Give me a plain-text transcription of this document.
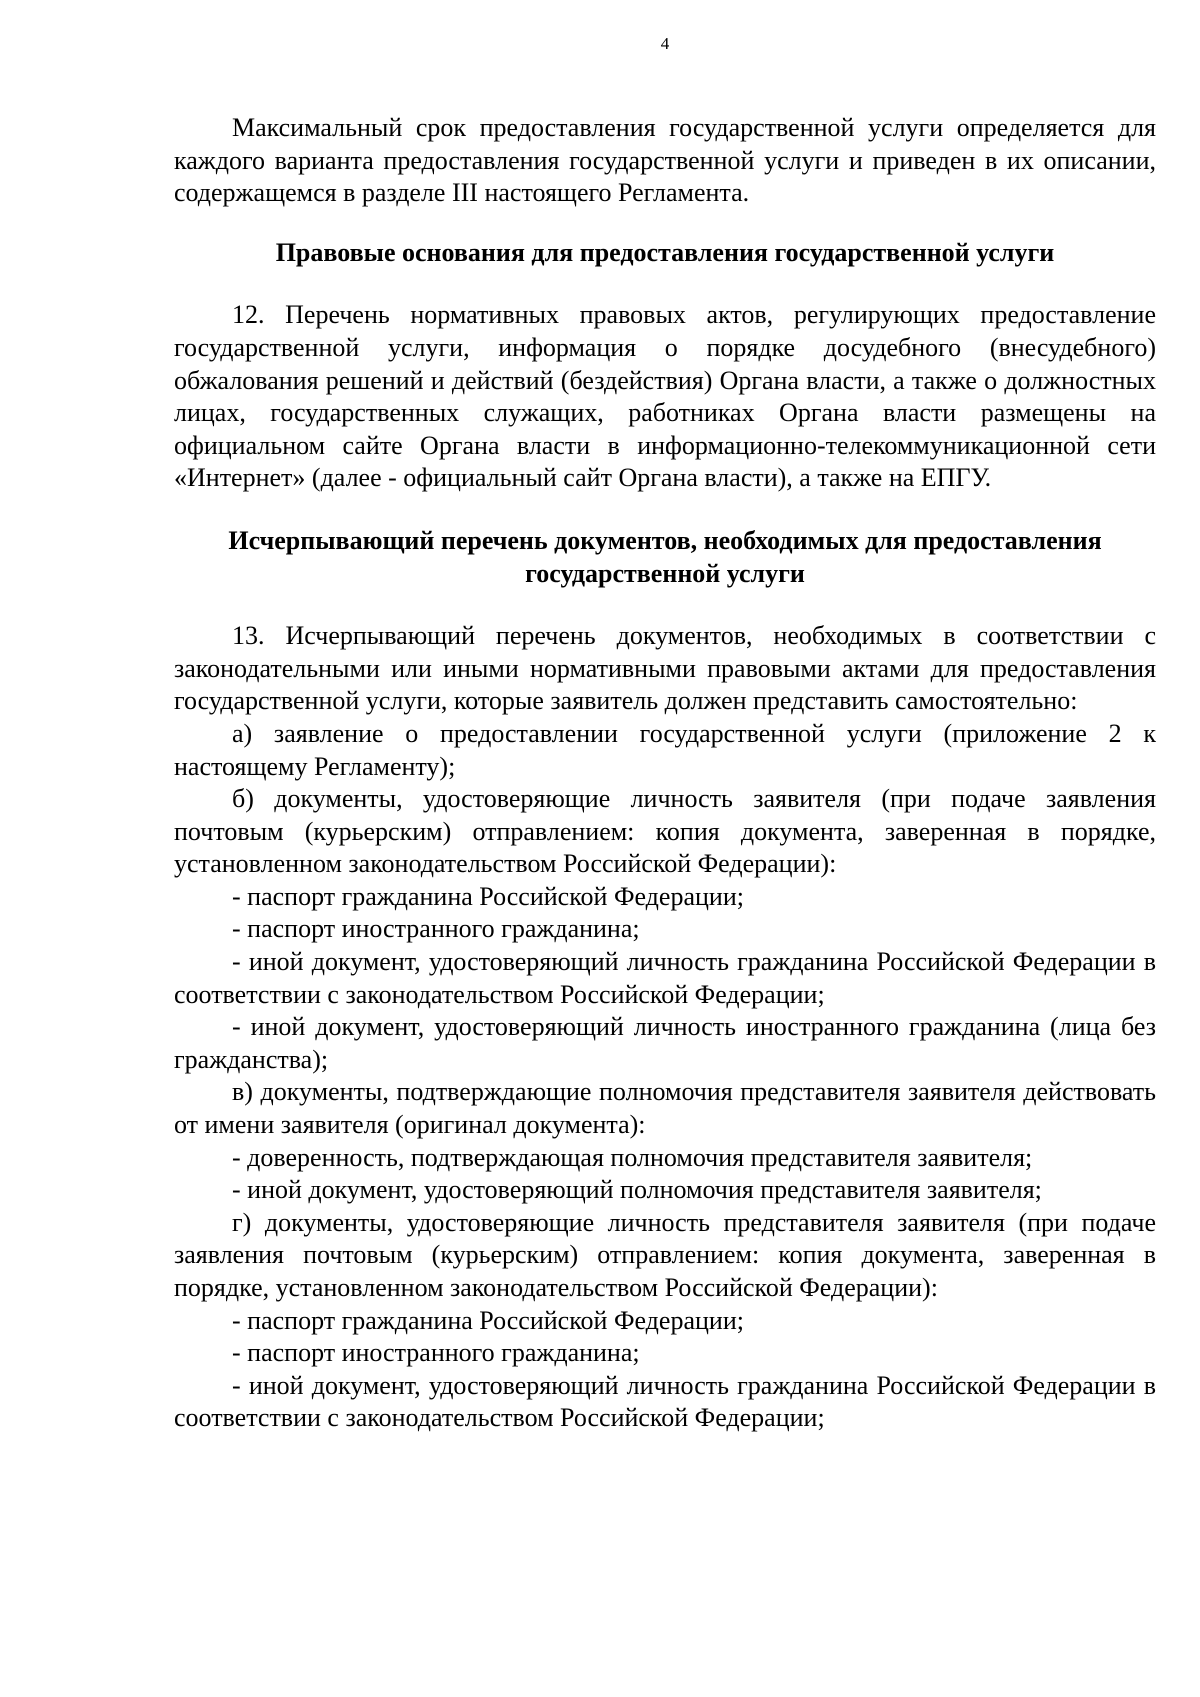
4

Максимальный срок предоставления государственной услуги определяется для каждого варианта предоставления государственной услуги и приведен в их описании, содержащемся в разделе III настоящего Регламента.

Правовые основания для предоставления государственной услуги

12. Перечень нормативных правовых актов, регулирующих предоставление государственной услуги, информация о порядке досудебного (внесудебного) обжалования решений и действий (бездействия) Органа власти, а также о должностных лицах, государственных служащих, работниках Органа власти размещены на официальном сайте Органа власти в информационно-телекоммуникационной сети «Интернет» (далее - официальный сайт Органа власти), а также на ЕПГУ.

Исчерпывающий перечень документов, необходимых для предоставления государственной услуги

13. Исчерпывающий перечень документов, необходимых в соответствии с законодательными или иными нормативными правовыми актами для предоставления государственной услуги, которые заявитель должен представить самостоятельно:

а) заявление о предоставлении государственной услуги (приложение 2 к настоящему Регламенту);

б) документы, удостоверяющие личность заявителя (при подаче заявления почтовым (курьерским) отправлением: копия документа, заверенная в порядке, установленном законодательством Российской Федерации):

- паспорт гражданина Российской Федерации;

- паспорт иностранного гражданина;

- иной документ, удостоверяющий личность гражданина Российской Федерации в соответствии с законодательством Российской Федерации;

- иной документ, удостоверяющий личность иностранного гражданина (лица без гражданства);

в) документы, подтверждающие полномочия представителя заявителя действовать от имени заявителя (оригинал документа):

- доверенность, подтверждающая полномочия представителя заявителя;

- иной документ, удостоверяющий полномочия представителя заявителя;

г) документы, удостоверяющие личность представителя заявителя (при подаче заявления почтовым (курьерским) отправлением: копия документа, заверенная в порядке, установленном законодательством Российской Федерации):

- паспорт гражданина Российской Федерации;

- паспорт иностранного гражданина;

- иной документ, удостоверяющий личность гражданина Российской Федерации в соответствии с законодательством Российской Федерации;
